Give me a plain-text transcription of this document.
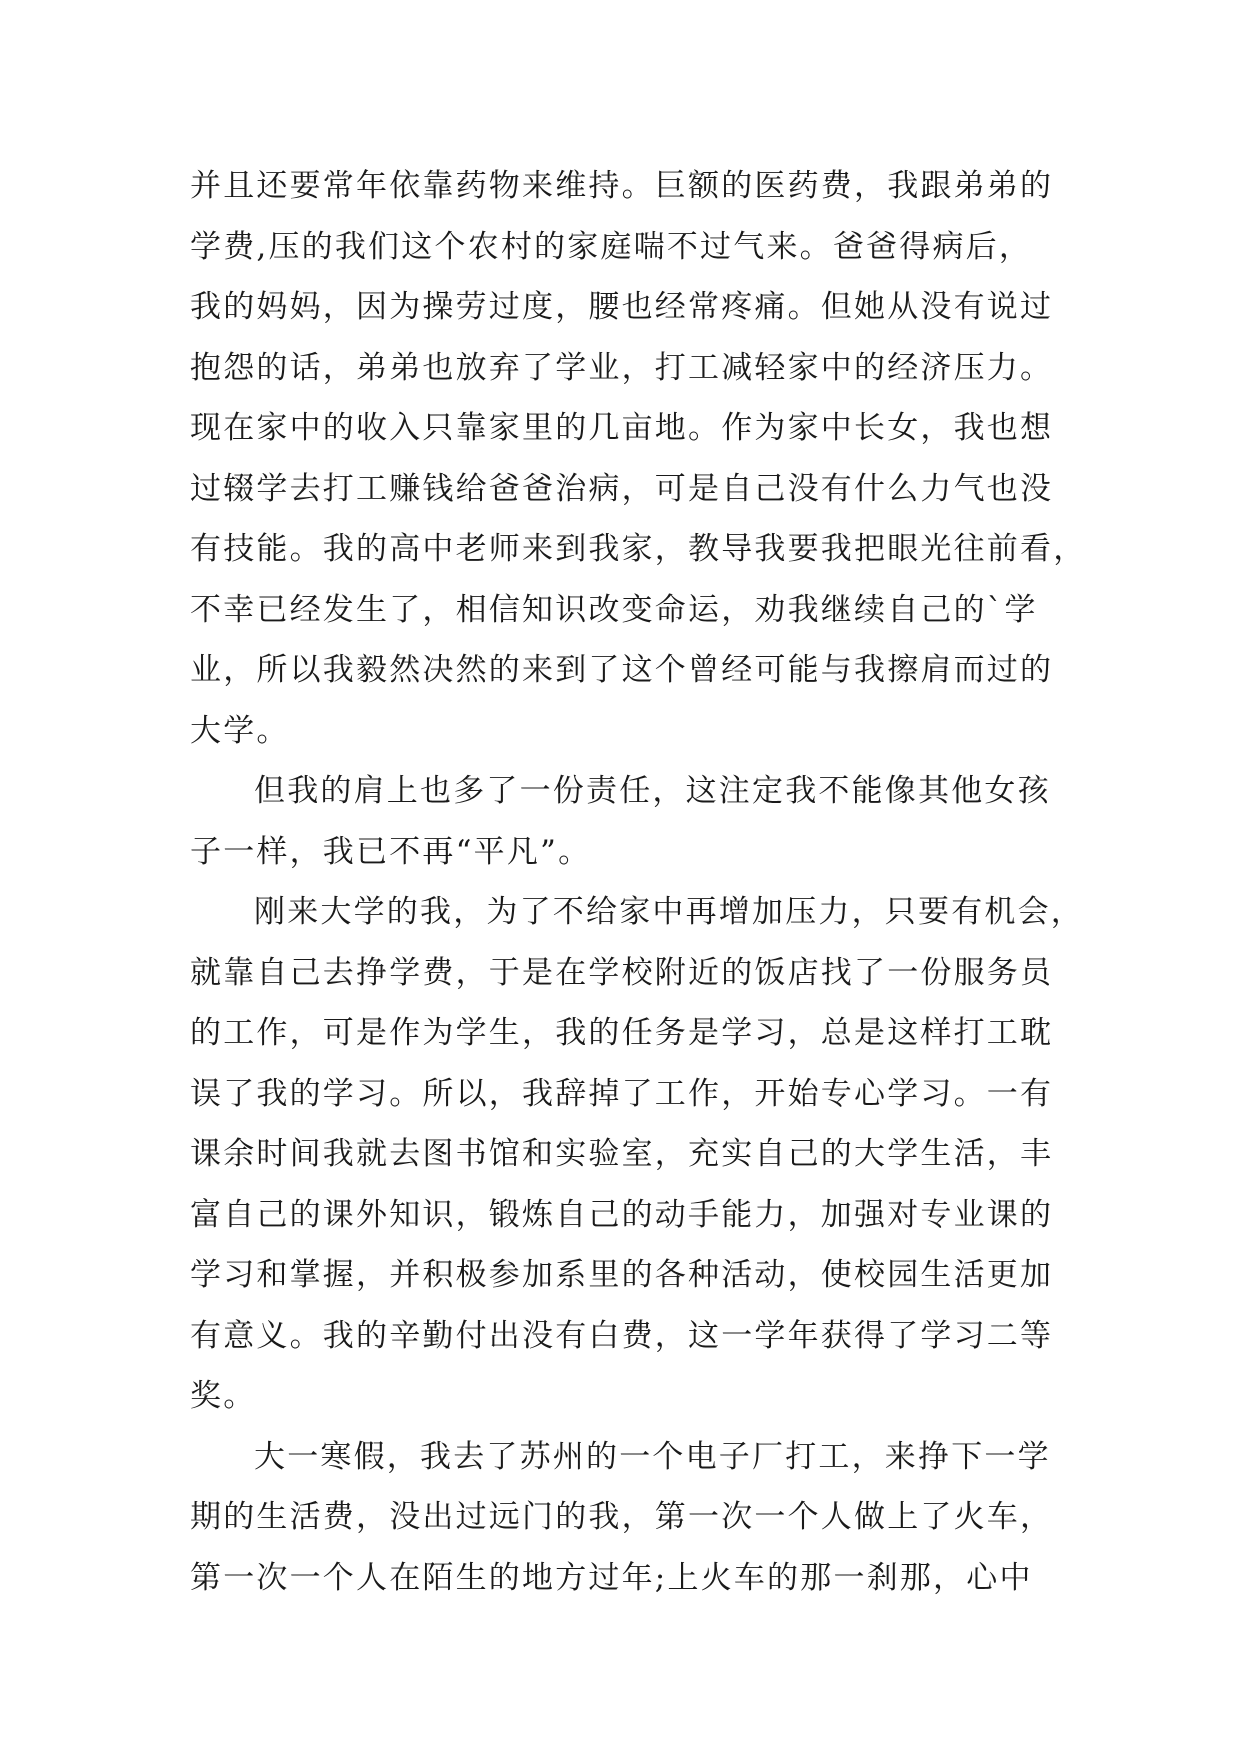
并且还要常年依靠药物来维持。巨额的医药费，我跟弟弟的
学费,压的我们这个农村的家庭喘不过气来。爸爸得病后，
我的妈妈，因为操劳过度，腰也经常疼痛。但她从没有说过
抱怨的话，弟弟也放弃了学业，打工减轻家中的经济压力。
现在家中的收入只靠家里的几亩地。作为家中长女，我也想
过辍学去打工赚钱给爸爸治病，可是自己没有什么力气也没
有技能。我的高中老师来到我家，教导我要我把眼光往前看，
不幸已经发生了，相信知识改变命运，劝我继续自己的`学
业，所以我毅然决然的来到了这个曾经可能与我擦肩而过的
大学。
但我的肩上也多了一份责任，这注定我不能像其他女孩
子一样，我已不再“平凡”。
刚来大学的我，为了不给家中再增加压力，只要有机会，
就靠自己去挣学费，于是在学校附近的饭店找了一份服务员
的工作，可是作为学生，我的任务是学习，总是这样打工耽
误了我的学习。所以，我辞掉了工作，开始专心学习。一有
课余时间我就去图书馆和实验室，充实自己的大学生活，丰
富自己的课外知识，锻炼自己的动手能力，加强对专业课的
学习和掌握，并积极参加系里的各种活动，使校园生活更加
有意义。我的辛勤付出没有白费，这一学年获得了学习二等
奖。
大一寒假，我去了苏州的一个电子厂打工，来挣下一学
期的生活费，没出过远门的我，第一次一个人做上了火车，
第一次一个人在陌生的地方过年;上火车的那一刹那，心中
